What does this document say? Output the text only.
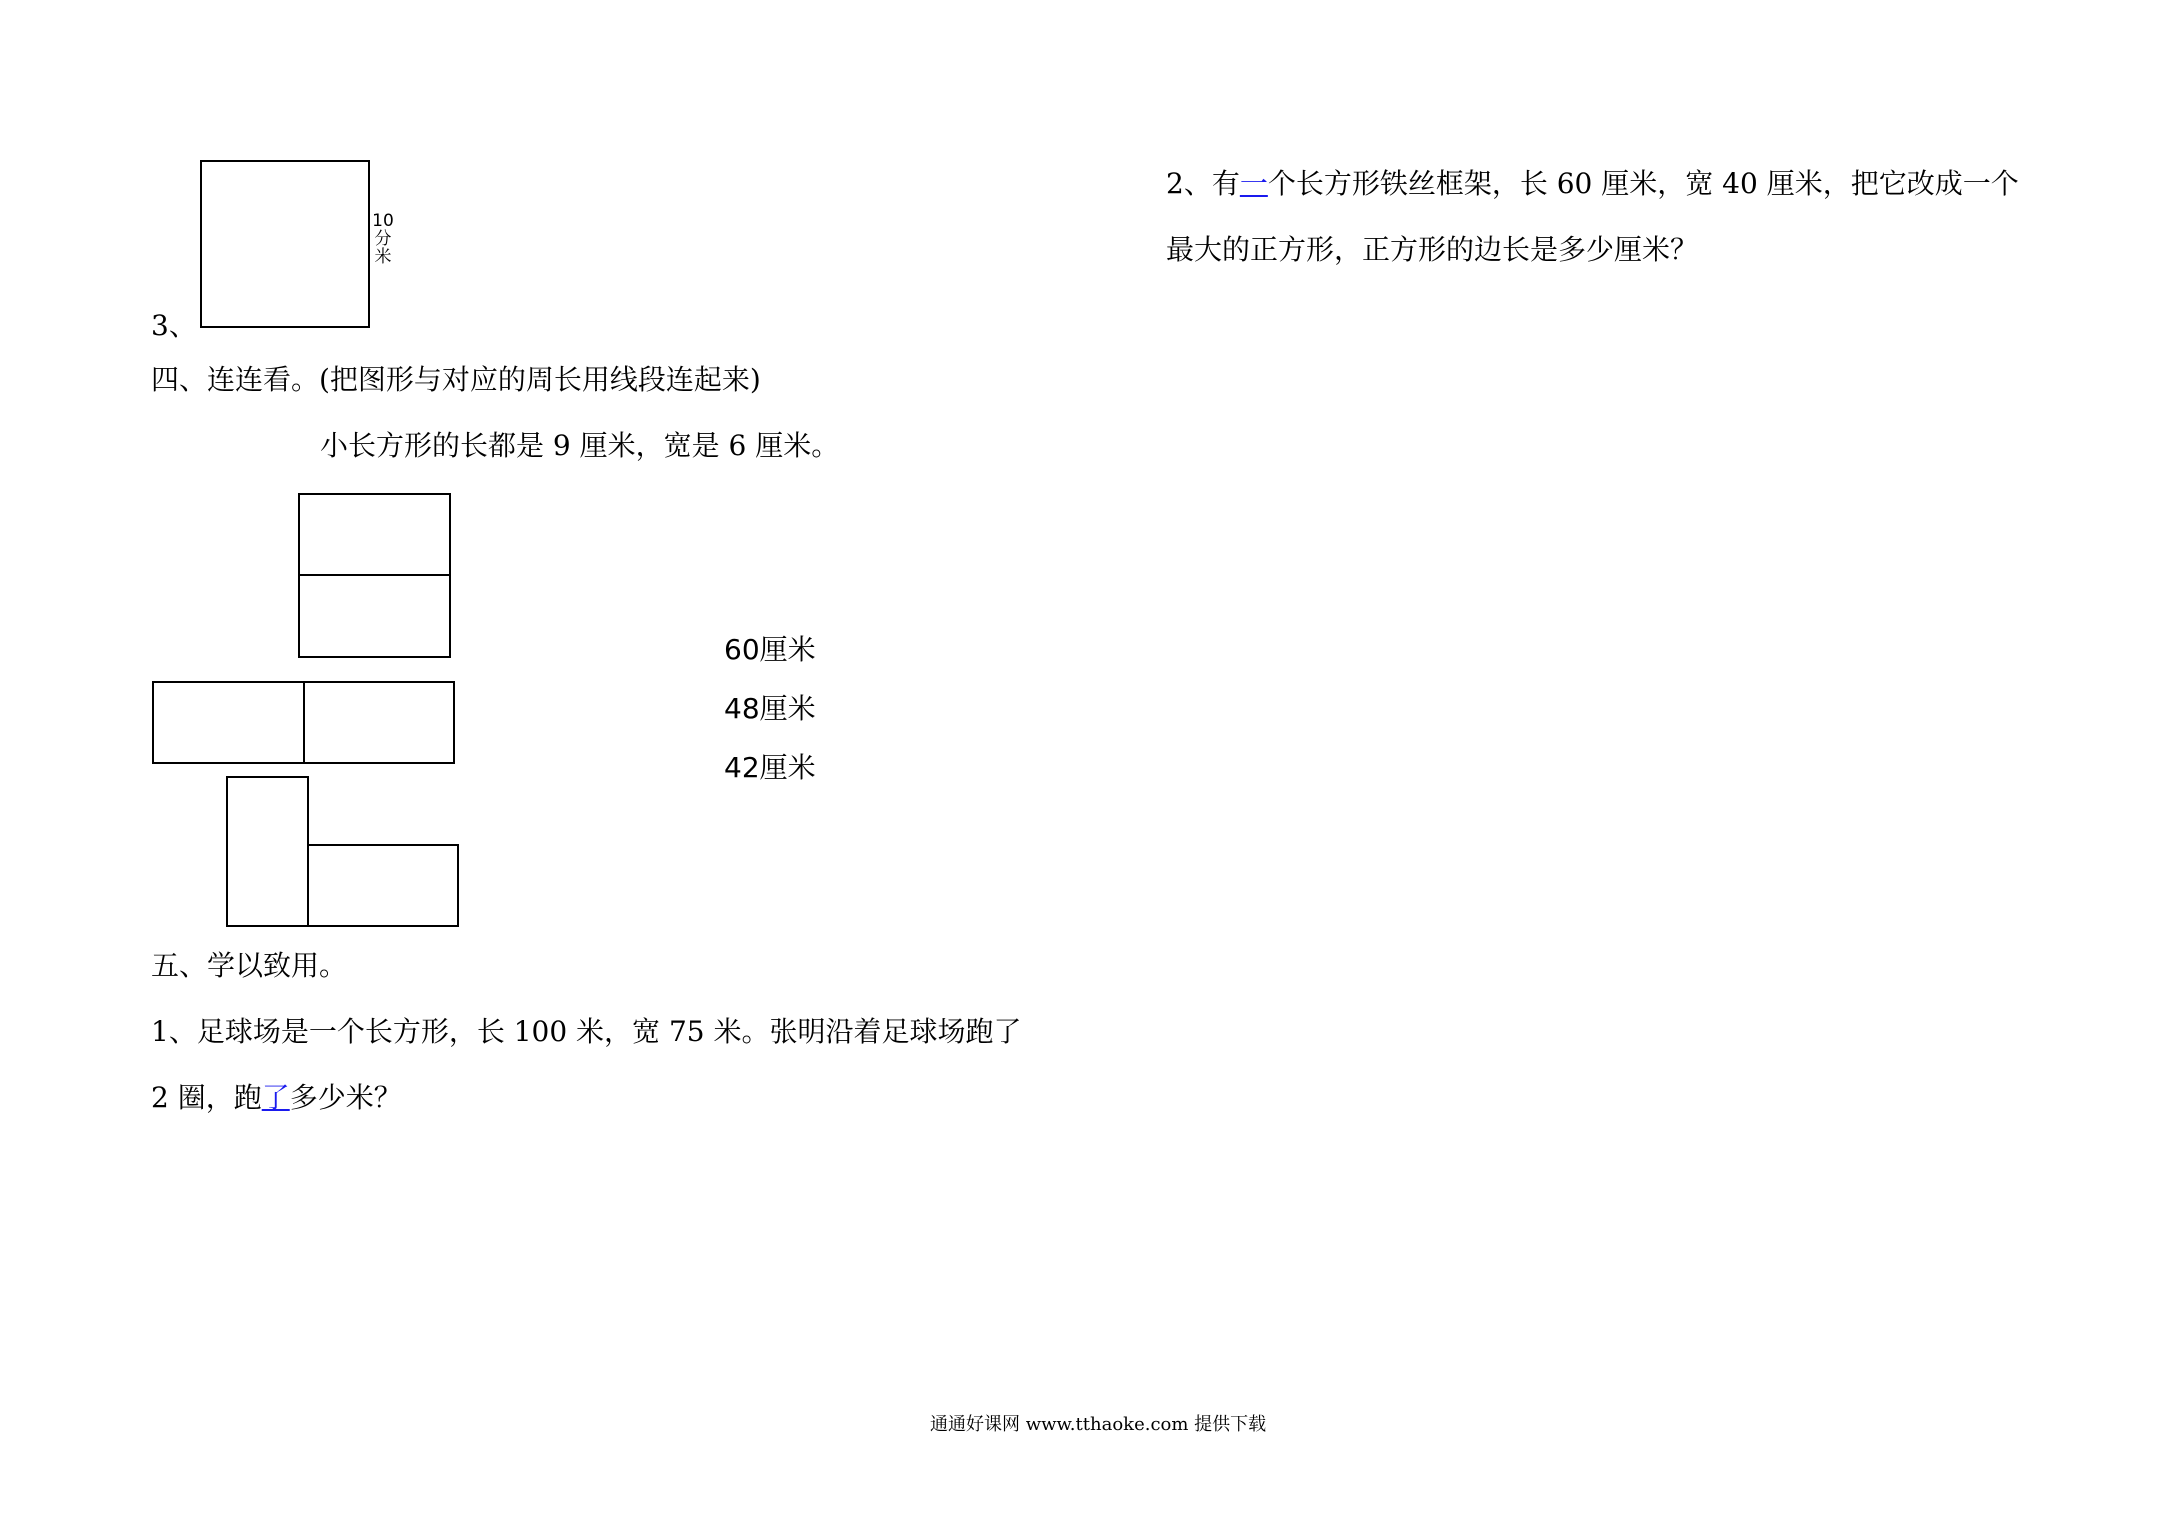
10
分
米
3、
四、连连看。(把图形与对应的周长用线段连起来)
小长方形的长都是 9 厘米，宽是 6 厘米。
60厘米
48厘米
42厘米
五、学以致用。
1、足球场是一个长方形，长 100 米，宽 75 米。张明沿着足球场跑了
2 圈，跑了多少米？
2、有一个长方形铁丝框架，长 60 厘米，宽 40 厘米，把它改成一个
最大的正方形，正方形的边长是多少厘米？
通通好课网 www.tthaoke.com 提供下载
